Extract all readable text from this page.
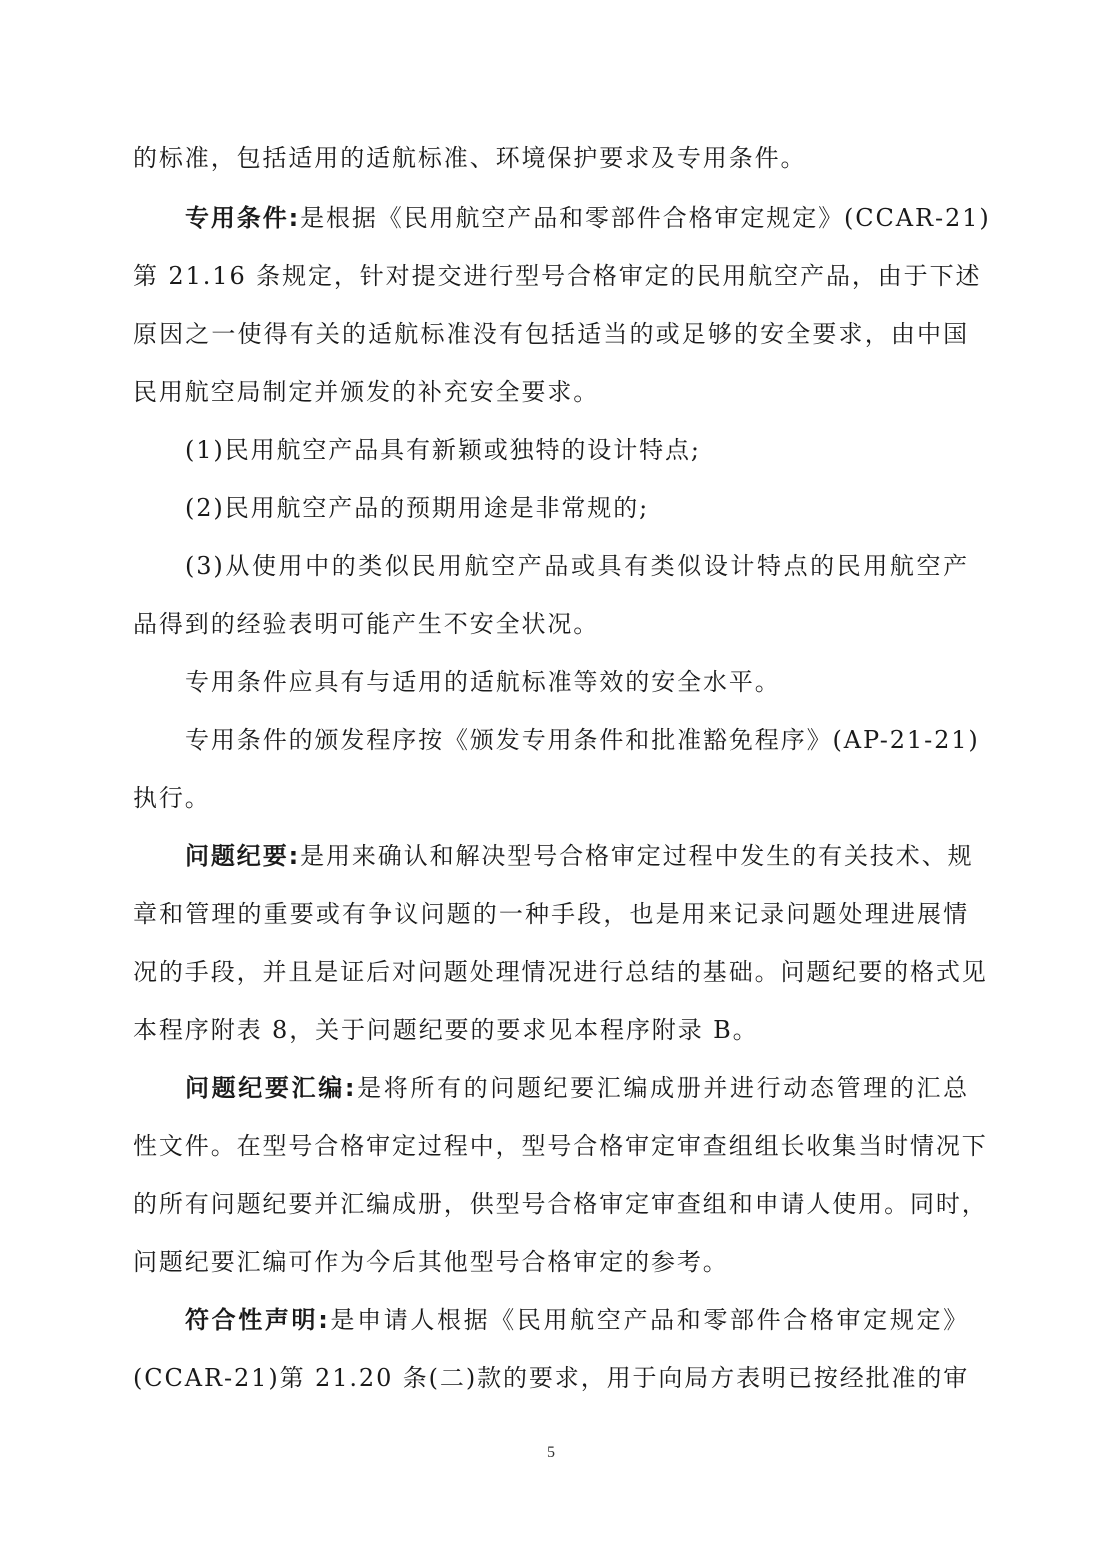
的标准，包括适用的适航标准、环境保护要求及专用条件。
专用条件:是根据《民用航空产品和零部件合格审定规定》(CCAR-21)
第 21.16 条规定，针对提交进行型号合格审定的民用航空产品，由于下述
原因之一使得有关的适航标准没有包括适当的或足够的安全要求，由中国
民用航空局制定并颁发的补充安全要求。
(1)民用航空产品具有新颖或独特的设计特点;
(2)民用航空产品的预期用途是非常规的;
(3)从使用中的类似民用航空产品或具有类似设计特点的民用航空产
品得到的经验表明可能产生不安全状况。
专用条件应具有与适用的适航标准等效的安全水平。
专用条件的颁发程序按《颁发专用条件和批准豁免程序》(AP-21-21)
执行。
问题纪要:是用来确认和解决型号合格审定过程中发生的有关技术、规
章和管理的重要或有争议问题的一种手段，也是用来记录问题处理进展情
况的手段，并且是证后对问题处理情况进行总结的基础。问题纪要的格式见
本程序附表 8，关于问题纪要的要求见本程序附录 B。
问题纪要汇编:是将所有的问题纪要汇编成册并进行动态管理的汇总
性文件。在型号合格审定过程中，型号合格审定审查组组长收集当时情况下
的所有问题纪要并汇编成册，供型号合格审定审查组和申请人使用。同时，
问题纪要汇编可作为今后其他型号合格审定的参考。
符合性声明:是申请人根据《民用航空产品和零部件合格审定规定》
(CCAR-21)第 21.20 条(二)款的要求，用于向局方表明已按经批准的审
5
